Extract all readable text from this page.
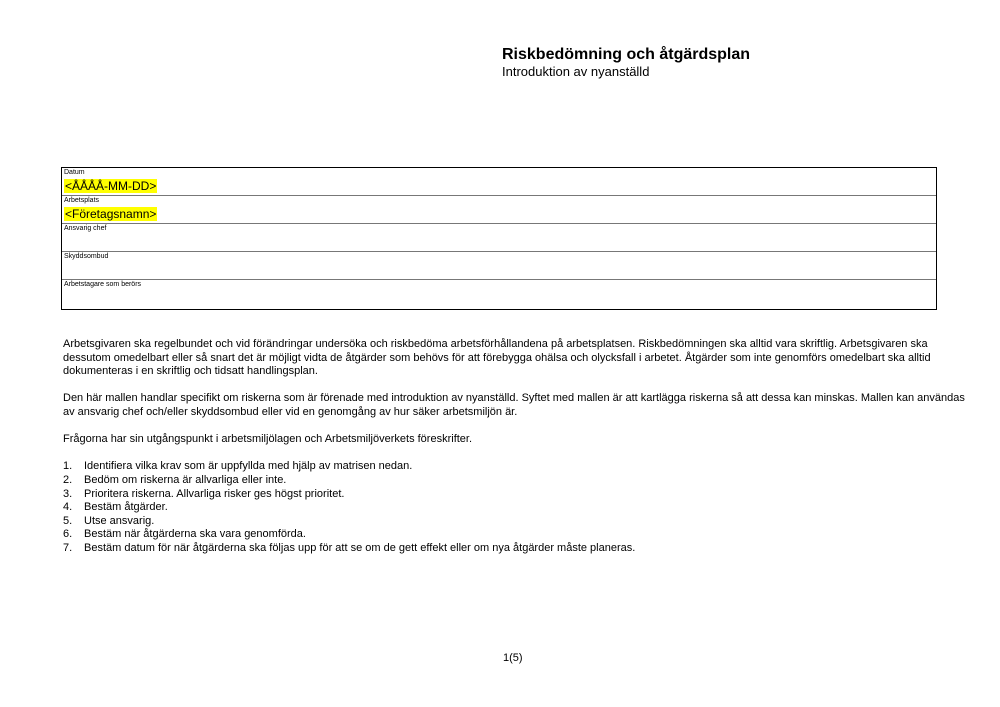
Riskbedömning och åtgärdsplan
Introduktion av nyanställd
Datum
<ÅÅÅÅ-MM-DD>
Arbetsplats
<Företagsnamn>
Ansvarig chef
Skyddsombud
Arbetstagare som berörs

Arbetsgivaren ska regelbundet och vid förändringar undersöka och riskbedöma arbetsförhållandena på arbetsplatsen. Riskbedömningen ska alltid vara skriftlig. Arbetsgivaren ska dessutom omedelbart eller så snart det är möjligt vidta de åtgärder som behövs för att förebygga ohälsa och olycksfall i arbetet. Åtgärder som inte genomförs omedelbart ska alltid dokumenteras i en skriftlig och tidsatt handlingsplan.

Den här mallen handlar specifikt om riskerna som är förenade med introduktion av nyanställd. Syftet med mallen är att kartlägga riskerna så att dessa kan minskas. Mallen kan användas av ansvarig chef och/eller skyddsombud eller vid en genomgång av hur säker arbetsmiljön är.

Frågorna har sin utgångspunkt i arbetsmiljölagen och Arbetsmiljöverkets föreskrifter.

1. Identifiera vilka krav som är uppfyllda med hjälp av matrisen nedan.
2. Bedöm om riskerna är allvarliga eller inte.
3. Prioritera riskerna. Allvarliga risker ges högst prioritet.
4. Bestäm åtgärder.
5. Utse ansvarig.
6. Bestäm när åtgärderna ska vara genomförda.
7. Bestäm datum för när åtgärderna ska följas upp för att se om de gett effekt eller om nya åtgärder måste planeras.
1(5)
